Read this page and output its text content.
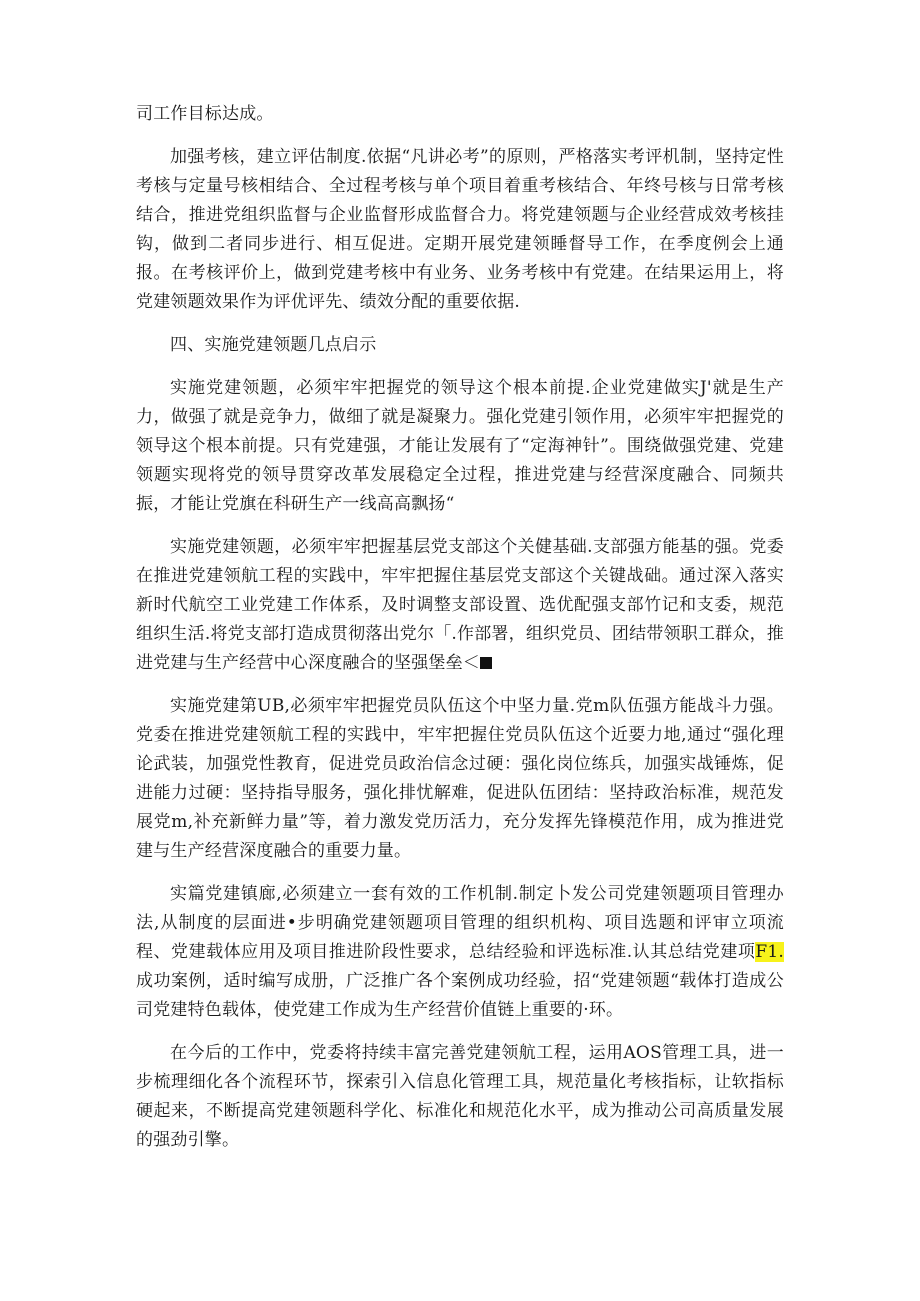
司工作目标达成。

加强考核，建立评估制度.依据“凡讲必考”的原则，严格落实考评机制，坚持定性考核与定量号核相结合、全过程考核与单个项目着重考核结合、年终号核与日常考核结合，推进党组织监督与企业监督形成监督合力。将党建领题与企业经营成效考核挂钩，做到二者同步进行、相互促进。定期开展党建领睡督导工作，在季度例会上通报。在考核评价上，做到党建考核中有业务、业务考核中有党建。在结果运用上，将党建领题效果作为评优评先、绩效分配的重要依据.

四、实施党建领题几点启示

实施党建领题，必须牢牢把握党的领导这个根本前提.企业党建做实J'就是生产力，做强了就是竞争力，做细了就是凝聚力。强化党建引领作用，必须牢牢把握党的领导这个根本前提。只有党建强，才能让发展有了“定海神针”。围绕做强党建、党建领题实现将党的领导贯穿改革发展稳定全过程，推进党建与经营深度融合、同频共振，才能让党旗在科研生产一线高高飘扬“

实施党建领题，必须牢牢把握基层党支部这个关健基础.支部强方能基的强。党委在推进党建领航工程的实践中，牢牢把握住基层党支部这个关键战础。通过深入落实新时代航空工业党建工作体系，及时调整支部设置、选优配强支部竹记和支委，规范组织生活.将党支部打造成贯彻落出党尔「.作部署，组织党员、团结带领职工群众，推进党建与生产经营中心深度融合的坚强堡垒＜

实施党建第UB,必须牢牢把握党员队伍这个中坚力量.党m队伍强方能战斗力强。党委在推进党建领航工程的实践中，牢牢把握住党员队伍这个近要力地,通过“强化理论武装，加强党性教育，促进党员政治信念过硬：强化岗位练兵，加强实战锤炼，促进能力过硬：坚持指导服务，强化排忧解难，促进队伍团结：坚持政治标准，规范发展党m,补充新鲜力量”等，着力激发党历活力，充分发挥先锋模范作用，成为推进党建与生产经营深度融合的重要力量。

实篇党建镇廊,必须建立一套有效的工作机制.制定卜发公司党建领题项目管理办法,从制度的层面进•步明确党建领题项目管理的组织机构、项目选题和评审立项流程、党建载体应用及项目推进阶段性要求，总结经验和评选标准.认其总结党建项F1.成功案例，适时编写成册，广泛推广各个案例成功经验，招“党建领题“载体打造成公司党建特色载体，使党建工作成为生产经营价值链上重要的·环。

在今后的工作中，党委将持续丰富完善党建领航工程，运用AOS管理工具，进一步梳理细化各个流程环节，探索引入信息化管理工具，规范量化考核指标，让软指标硬起来，不断提高党建领题科学化、标准化和规范化水平，成为推动公司高质量发展的强劲引擎。
